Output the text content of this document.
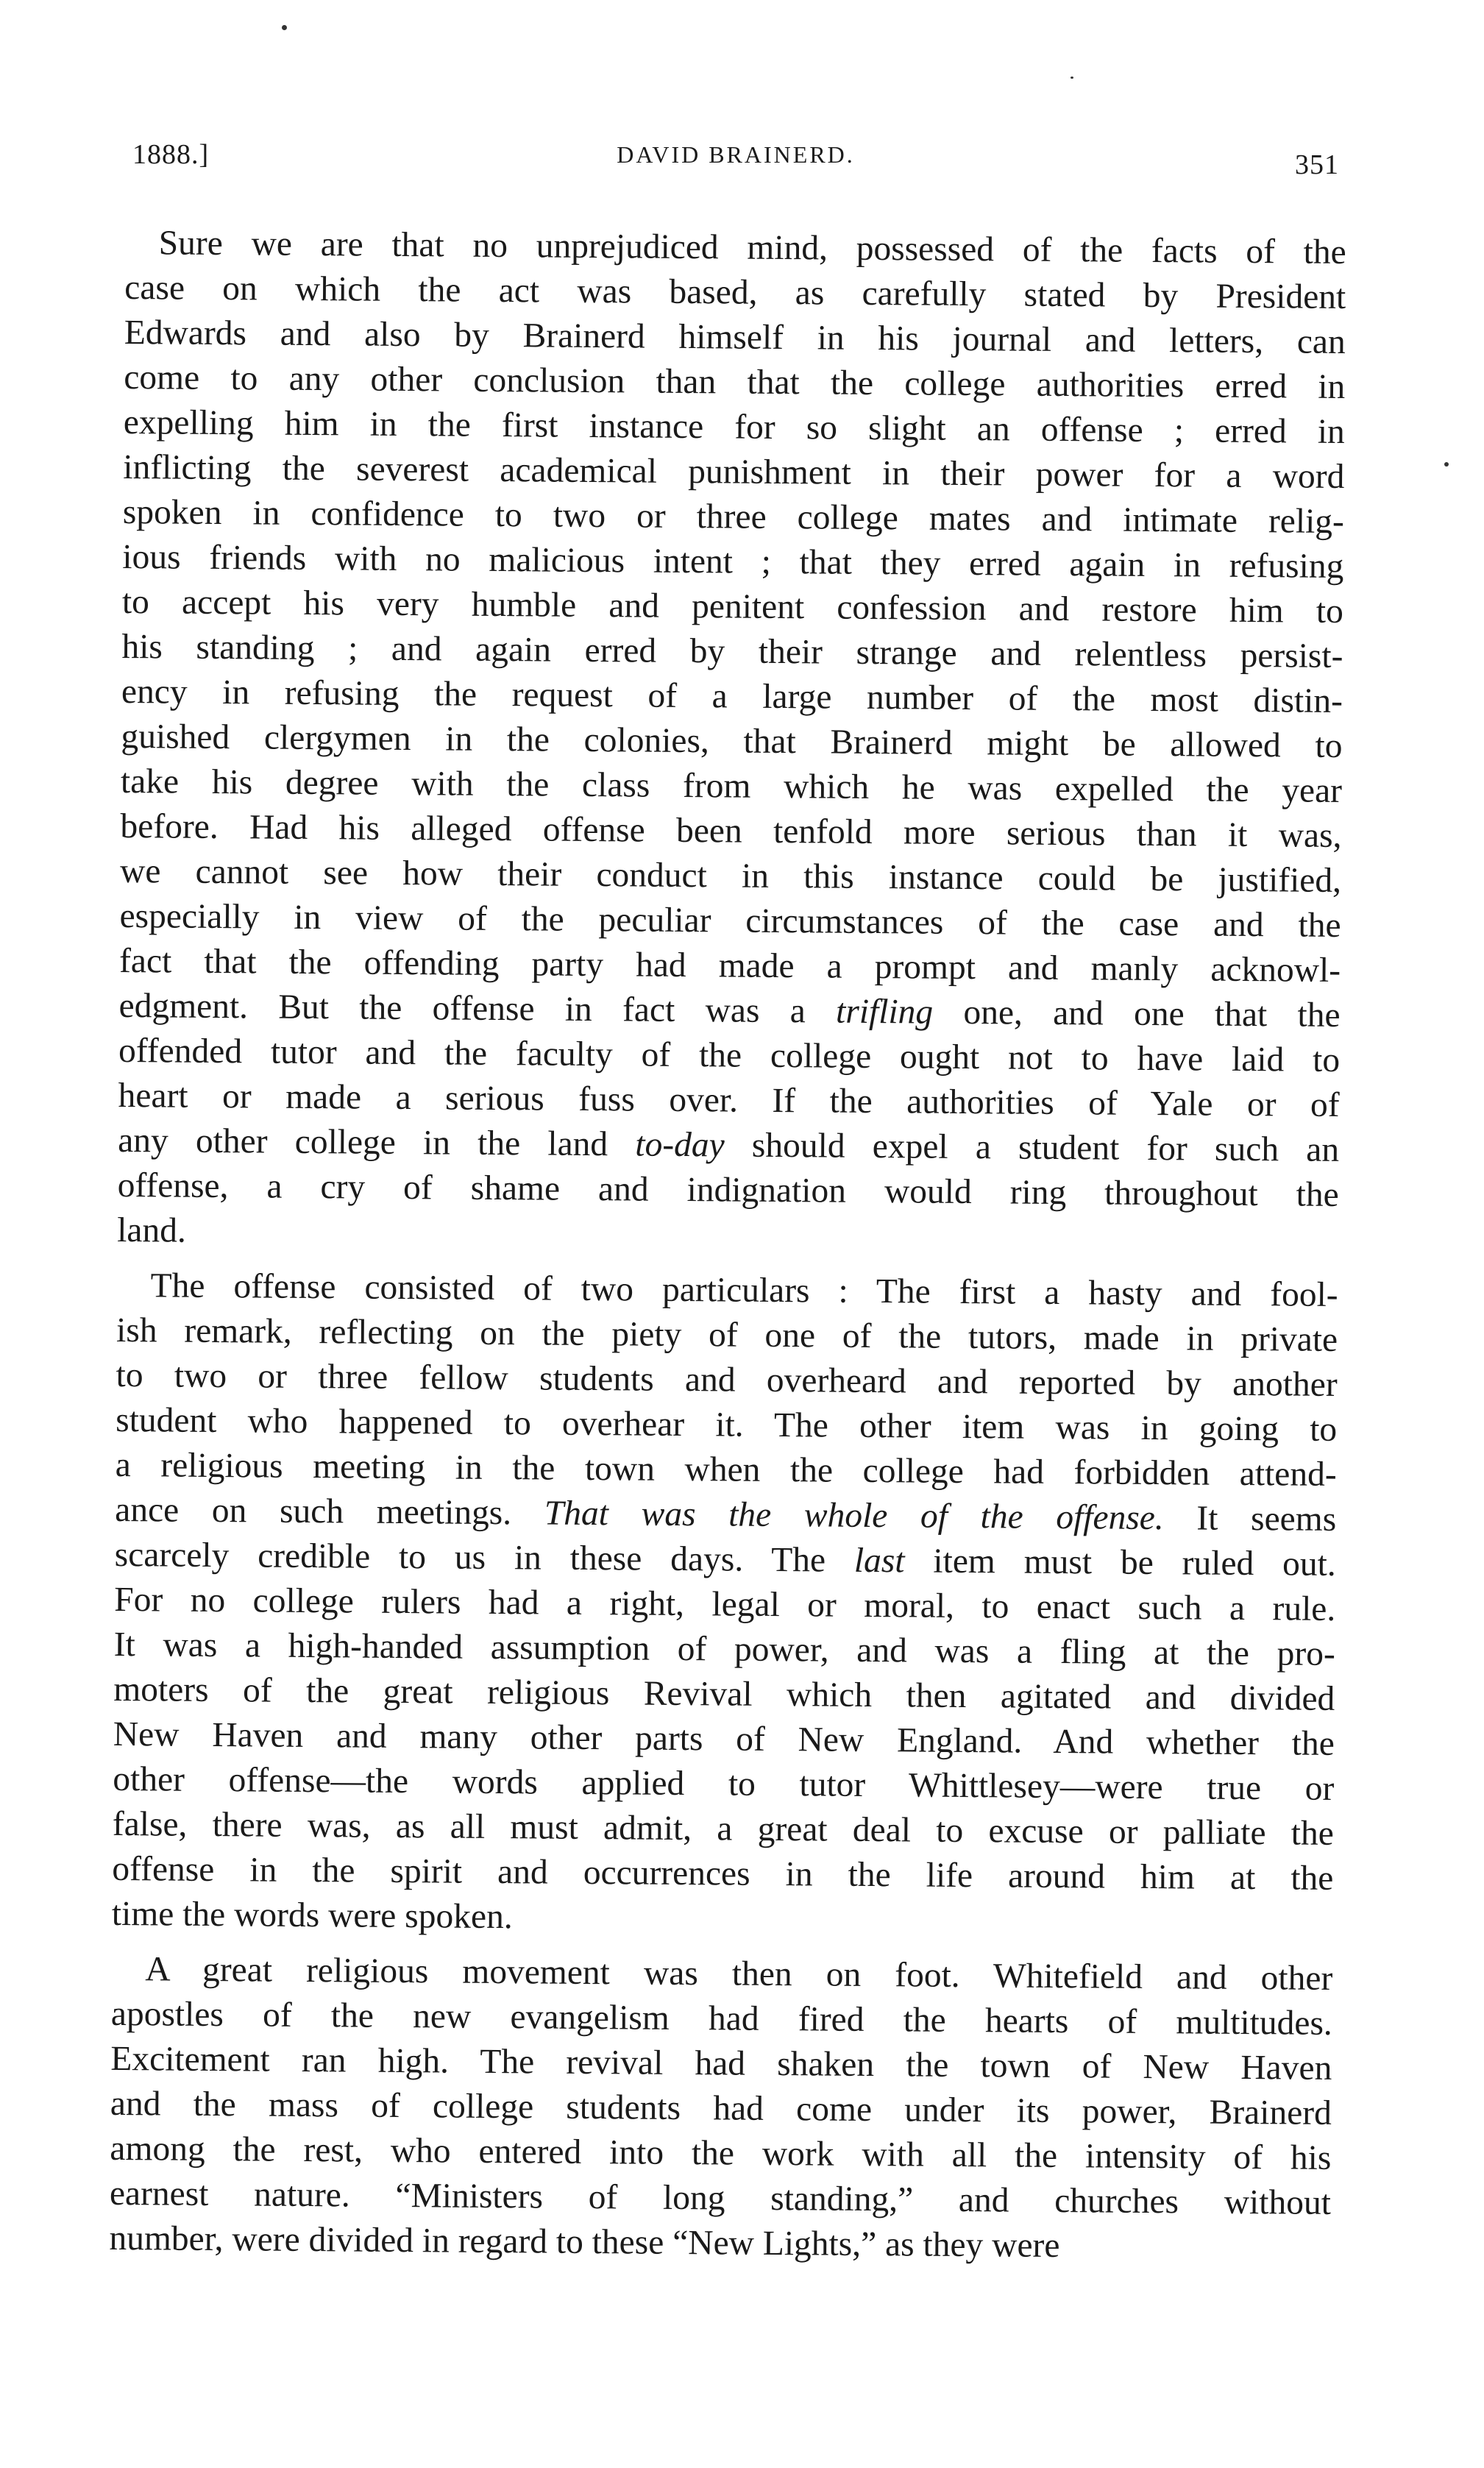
1888.]	DAVID BRAINERD.	351
Sure we are that no unprejudiced mind, possessed of the facts of the
case on which the act was based, as carefully stated by President
Edwards and also by Brainerd himself in his journal and letters, can
come to any other conclusion than that the college authorities erred in
expelling him in the first instance for so slight an offense ; erred in
inflicting the severest academical punishment in their power for a word
spoken in confidence to two or three college mates and intimate relig-
ious friends with no malicious intent ; that they erred again in refusing
to accept his very humble and penitent confession and restore him to
his standing ; and again erred by their strange and relentless persist-
ency in refusing the request of a large number of the most distin-
guished clergymen in the colonies, that Brainerd might be allowed to
take his degree with the class from which he was expelled the year
before. Had his alleged offense been tenfold more serious than it was,
we cannot see how their conduct in this instance could be justified,
especially in view of the peculiar circumstances of the case and the
fact that the offending party had made a prompt and manly acknowl-
edgment. But the offense in fact was a trifling one, and one that the
offended tutor and the faculty of the college ought not to have laid to
heart or made a serious fuss over. If the authorities of Yale or of
any other college in the land to-day should expel a student for such an
offense, a cry of shame and indignation would ring throughout the
land.
The offense consisted of two particulars : The first a hasty and fool-
ish remark, reflecting on the piety of one of the tutors, made in private
to two or three fellow students and overheard and reported by another
student who happened to overhear it. The other item was in going to
a religious meeting in the town when the college had forbidden attend-
ance on such meetings. That was the whole of the offense. It seems
scarcely credible to us in these days. The last item must be ruled out.
For no college rulers had a right, legal or moral, to enact such a rule.
It was a high-handed assumption of power, and was a fling at the pro-
moters of the great religious Revival which then agitated and divided
New Haven and many other parts of New England. And whether the
other offense—the words applied to tutor Whittlesey—were true or
false, there was, as all must admit, a great deal to excuse or palliate the
offense in the spirit and occurrences in the life around him at the
time the words were spoken.
A great religious movement was then on foot. Whitefield and other
apostles of the new evangelism had fired the hearts of multitudes.
Excitement ran high. The revival had shaken the town of New Haven
and the mass of college students had come under its power, Brainerd
among the rest, who entered into the work with all the intensity of his
earnest nature. “Ministers of long standing,” and churches without
number, were divided in regard to these “New Lights,” as they were
